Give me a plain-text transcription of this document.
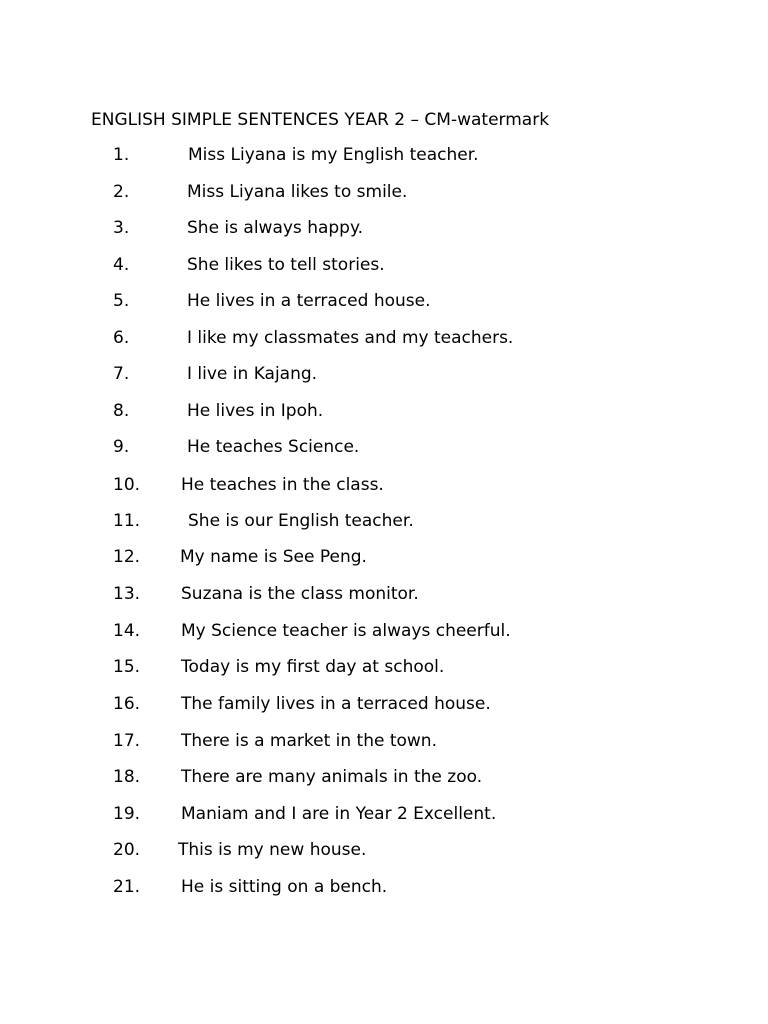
ENGLISH SIMPLE SENTENCES YEAR 2 – CM-watermark
1.	Miss Liyana is my English teacher.
2.	Miss Liyana likes to smile.
3.	She is always happy.
4.	She likes to tell stories.
5.	He lives in a terraced house.
6.	I like my classmates and my teachers.
7.	I live in Kajang.
8.	He lives in Ipoh.
9.	He teaches Science.
10. He teaches in the class.
11.	She is our English teacher.
12. My name is See Peng.
13. Suzana is the class monitor.
14. My Science teacher is always cheerful.
15. Today is my first day at school.
16. The family lives in a terraced house.
17. There is a market in the town.
18. There are many animals in the zoo.
19. Maniam and I are in Year 2 Excellent.
20. This is my new house.
21. He is sitting on a bench.
